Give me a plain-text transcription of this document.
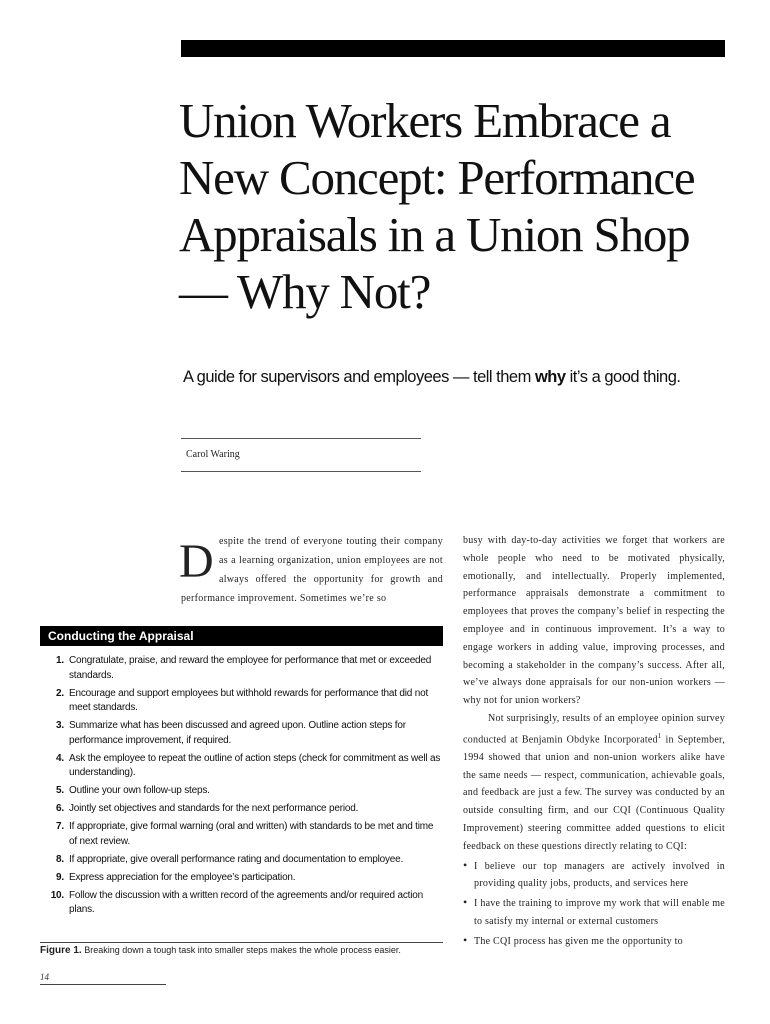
Union Workers Embrace a
New Concept: Performance
Appraisals in a Union Shop
— Why Not?
A guide for supervisors and employees — tell them why it’s a good thing.
Carol Waring
Despite the trend of everyone touting their company as a learning organization, union employees are not always offered the opportunity for growth and performance improvement. Sometimes we’re so

busy with day-to-day activities we forget that workers are whole people who need to be motivated physically, emotionally, and intellectually. Properly implemented, performance appraisals demonstrate a commitment to employees that proves the company’s belief in respecting the employee and in continuous improvement. It’s a way to engage workers in adding value, improving processes, and becoming a stakeholder in the company’s success. After all, we’ve always done appraisals for our non-union workers — why not for union workers?

Not surprisingly, results of an employee opinion survey conducted at Benjamin Obdyke Incorporated$^1$ in September, 1994 showed that union and non-union workers alike have the same needs — respect, communication, achievable goals, and feedback are just a few. The survey was conducted by an outside consulting firm, and our CQI (Continuous Quality Improvement) steering committee added questions to elicit feedback on these questions directly relating to CQI:

• I believe our top managers are actively involved in providing quality jobs, products, and services here
• I have the training to improve my work that will enable me to satisfy my internal or external customers
• The CQI process has given me the opportunity to
Conducting the Appraisal
1. Congratulate, praise, and reward the employee for performance that met or exceeded standards.
2. Encourage and support employees but withhold rewards for performance that did not meet standards.
3. Summarize what has been discussed and agreed upon. Outline action steps for performance improvement, if required.
4. Ask the employee to repeat the outline of action steps (check for commitment as well as understanding).
5. Outline your own follow-up steps.
6. Jointly set objectives and standards for the next performance period.
7. If appropriate, give formal warning (oral and written) with standards to be met and time of next review.
8. If appropriate, give overall performance rating and documentation to employee.
9. Express appreciation for the employee’s participation.
10. Follow the discussion with a written record of the agreements and/or required action plans.
Figure 1. Breaking down a tough task into smaller steps makes the whole process easier.
14
